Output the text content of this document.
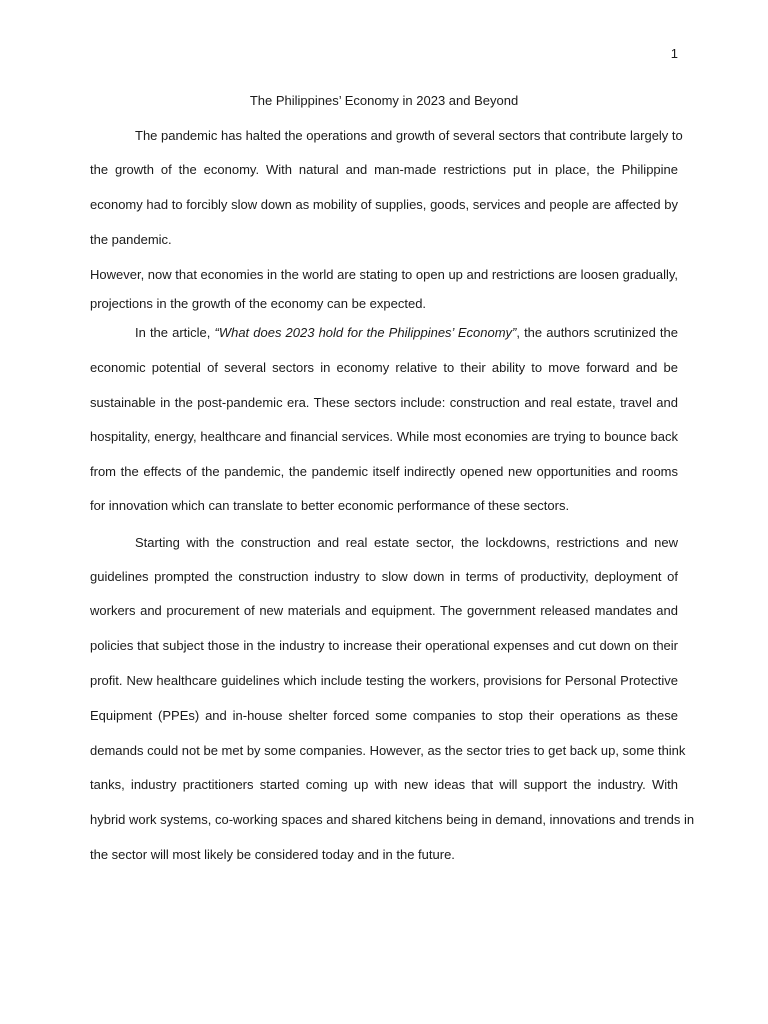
1
The Philippines’ Economy in 2023 and Beyond
The pandemic has halted the operations and growth of several sectors that contribute largely to
the growth of the economy. With natural and man-made restrictions put in place, the Philippine
economy had to forcibly slow down as mobility of supplies, goods, services and people are affected by
the pandemic.
However, now that economies in the world are stating to open up and restrictions are loosen gradually,
projections in the growth of the economy can be expected.
In the article, “What does 2023 hold for the Philippines’ Economy”, the authors scrutinized the
economic potential of several sectors in economy relative to their ability to move forward and be
sustainable in the post-pandemic era. These sectors include: construction and real estate, travel and
hospitality, energy, healthcare and financial services. While most economies are trying to bounce back
from the effects of the pandemic, the pandemic itself indirectly opened new opportunities and rooms
for innovation which can translate to better economic performance of these sectors.
Starting with the construction and real estate sector, the lockdowns, restrictions and new
guidelines prompted the construction industry to slow down in terms of productivity, deployment of
workers and procurement of new materials and equipment. The government released mandates and
policies that subject those in the industry to increase their operational expenses and cut down on their
profit. New healthcare guidelines which include testing the workers, provisions for Personal Protective
Equipment (PPEs) and in-house shelter forced some companies to stop their operations as these
demands could not be met by some companies. However, as the sector tries to get back up, some think
tanks, industry practitioners started coming up with new ideas that will support the industry. With
hybrid work systems, co-working spaces and shared kitchens being in demand, innovations and trends in
the sector will most likely be considered today and in the future.
